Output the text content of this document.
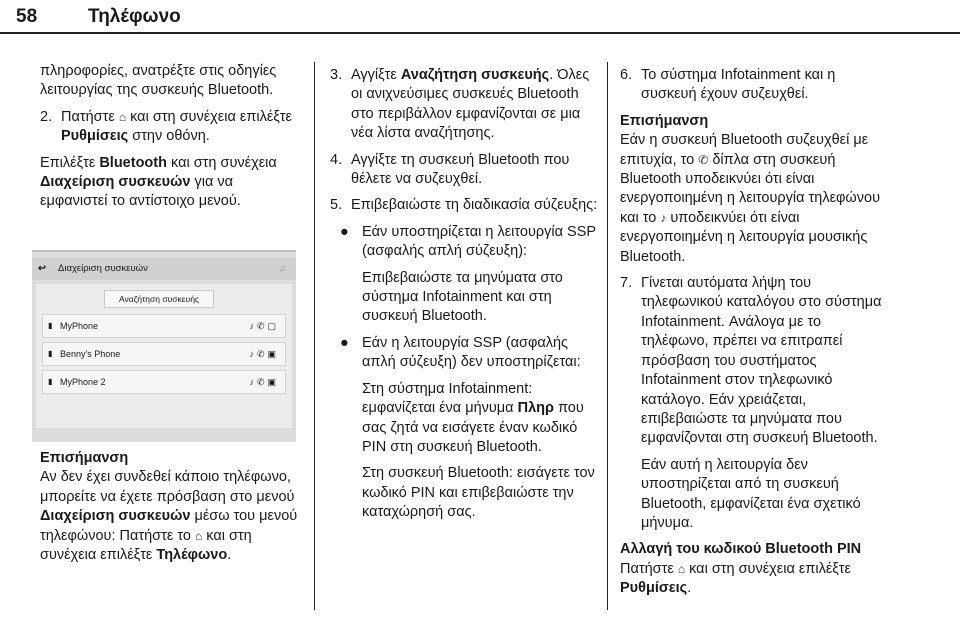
58	Τηλέφωνο

πληροφορίες, ανατρέξτε στις οδηγίες λειτουργίας της συσκευής Bluetooth.

2. Πατήστε ⌂ και στη συνέχεια επιλέξτε Ρυθμίσεις στην οθόνη.

Επιλέξτε Bluetooth και στη συνέχεια Διαχείριση συσκευών για να εμφανιστεί το αντίστοιχο μενού.

↩ Διαχείριση συσκευών	♫
Αναζήτηση συσκευής
▮ MyPhone	♪✆▢
▮ Benny's Phone	♪✆▣
▮ MyPhone 2	♪✆▣

Επισήμανση
Αν δεν έχει συνδεθεί κάποιο τηλέφωνο, μπορείτε να έχετε πρόσβαση στο μενού Διαχείριση συσκευών μέσω του μενού τηλεφώνου: Πατήστε το ⌂ και στη συνέχεια επιλέξτε Τηλέφωνο.

3. Αγγίξτε Αναζήτηση συσκευής. Όλες οι ανιχνεύσιμες συσκευές Bluetooth στο περιβάλλον εμφανίζονται σε μια νέα λίστα αναζήτησης.

4. Αγγίξτε τη συσκευή Bluetooth που θέλετε να συζευχθεί.

5. Επιβεβαιώστε τη διαδικασία σύζευξης:

● Εάν υποστηρίζεται η λειτουργία SSP (ασφαλής απλή σύζευξη):

Επιβεβαιώστε τα μηνύματα στο σύστημα Infotainment και στη συσκευή Bluetooth.

● Εάν η λειτουργία SSP (ασφαλής απλή σύζευξη) δεν υποστηρίζεται:

Στη σύστημα Infotainment: εμφανίζεται ένα μήνυμα Πληρ που σας ζητά να εισάγετε έναν κωδικό PIN στη συσκευή Bluetooth.

Στη συσκευή Bluetooth: εισάγετε τον κωδικό PIN και επιβεβαιώστε την καταχώρησή σας.

6. Το σύστημα Infotainment και η συσκευή έχουν συζευχθεί.

Επισήμανση
Εάν η συσκευή Bluetooth συζευχθεί με επιτυχία, το ✆ δίπλα στη συσκευή Bluetooth υποδεικνύει ότι είναι ενεργοποιημένη η λειτουργία τηλεφώνου και το ♪ υποδεικνύει ότι είναι ενεργοποιημένη η λειτουργία μουσικής Bluetooth.

7. Γίνεται αυτόματα λήψη του τηλεφωνικού καταλόγου στο σύστημα Infotainment. Ανάλογα με το τηλέφωνο, πρέπει να επιτραπεί πρόσβαση του συστήματος Infotainment στον τηλεφωνικό κατάλογο. Εάν χρειάζεται, επιβεβαιώστε τα μηνύματα που εμφανίζονται στη συσκευή Bluetooth.

Εάν αυτή η λειτουργία δεν υποστηρίζεται από τη συσκευή Bluetooth, εμφανίζεται ένα σχετικό μήνυμα.

Αλλαγή του κωδικού Bluetooth PIN
Πατήστε ⌂ και στη συνέχεια επιλέξτε Ρυθμίσεις.
